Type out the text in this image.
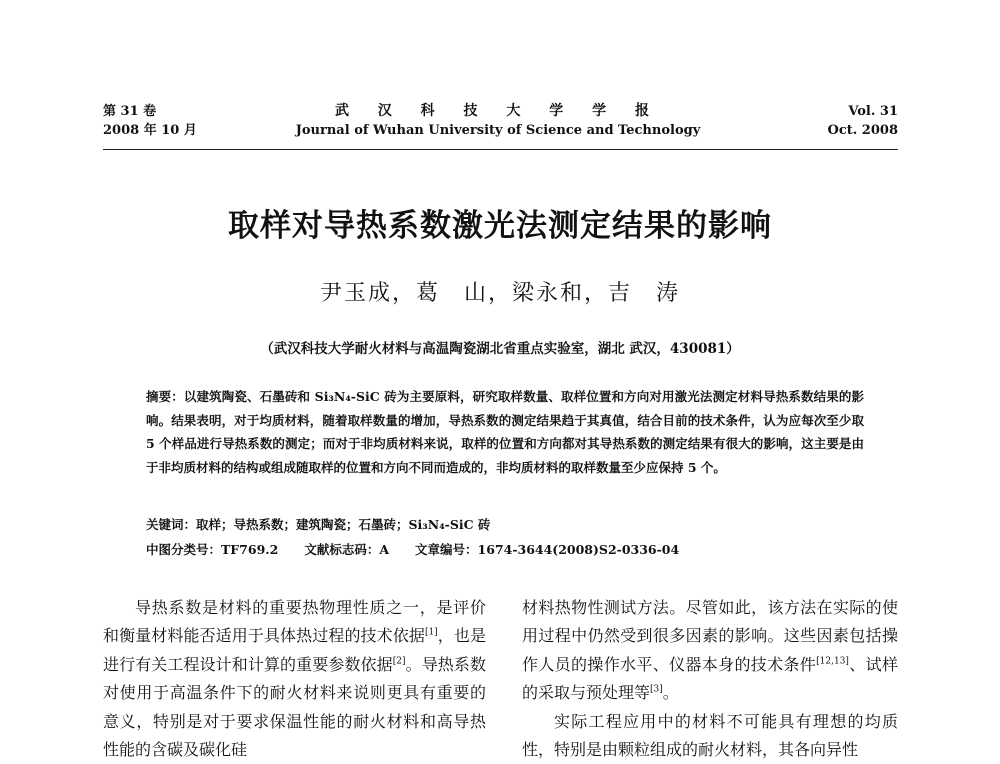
第 31 卷
2008 年 10 月
武 汉 科 技 大 学 学 报
Journal of Wuhan University of Science and Technology
Vol. 31
Oct. 2008
取样对导热系数激光法测定结果的影响
尹玉成，葛　山，梁永和，吉　涛
（武汉科技大学耐火材料与高温陶瓷湖北省重点实验室，湖北 武汉，430081）
摘要：以建筑陶瓷、石墨砖和 Si₃N₄-SiC 砖为主要原料，研究取样数量、取样位置和方向对用激光法测定材料导热系数结果的影响。结果表明，对于均质材料，随着取样数量的增加，导热系数的测定结果趋于其真值，结合目前的技术条件，认为应每次至少取 5 个样品进行导热系数的测定；而对于非均质材料来说，取样的位置和方向都对其导热系数的测定结果有很大的影响，这主要是由于非均质材料的结构或组成随取样的位置和方向不同而造成的，非均质材料的取样数量至少应保持 5 个。
关键词：取样；导热系数；建筑陶瓷；石墨砖；Si₃N₄-SiC 砖
中图分类号：TF769.2 文献标志码：A 文章编号：1674-3644(2008)S2-0336-04

导热系数是材料的重要热物理性质之一，是评价和衡量材料能否适用于具体热过程的技术依据[1]，也是进行有关工程设计和计算的重要参数依据[2]。导热系数对使用于高温条件下的耐火材料来说则更具有重要的意义，特别是对于要求保温性能的耐火材料和高导热性能的含碳及碳化硅

材料热物性测试方法。尽管如此，该方法在实际的使用过程中仍然受到很多因素的影响。这些因素包括操作人员的操作水平、仪器本身的技术条件[12,13]、试样的采取与预处理等[3]。

实际工程应用中的材料不可能具有理想的均质性，特别是由颗粒组成的耐火材料，其各向异性
